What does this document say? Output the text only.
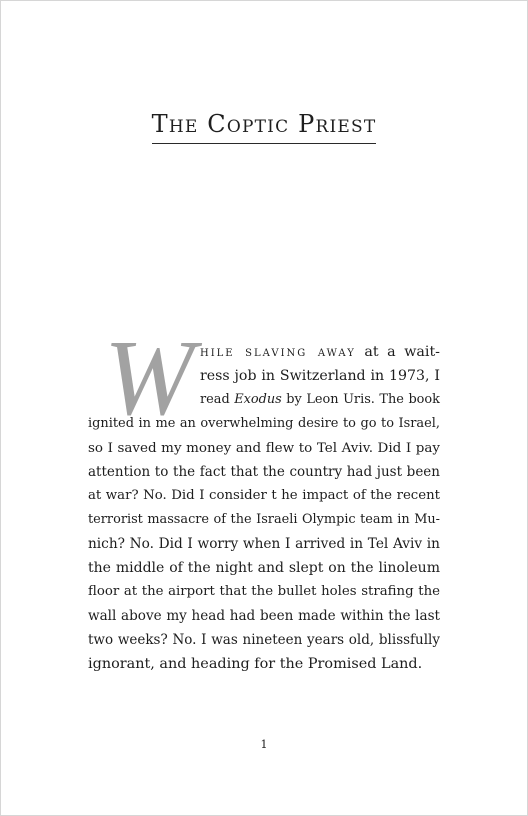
The Coptic Priest
W hile slaving away at a wait-
ress job in Switzerland in 1973, I
read Exodus by Leon Uris. The book
ignited in me an overwhelming desire to go to Israel,
so I saved my money and flew to Tel Aviv. Did I pay
attention to the fact that the country had just been
at war? No. Did I consider t he impact of the recent
terrorist massacre of the Israeli Olympic team in Mu-
nich? No. Did I worry when I arrived in Tel Aviv in
the middle of the night and slept on the linoleum
floor at the airport that the bullet holes strafing the
wall above my head had been made within the last
two weeks? No. I was nineteen years old, blissfully
ignorant, and heading for the Promised Land.
1
